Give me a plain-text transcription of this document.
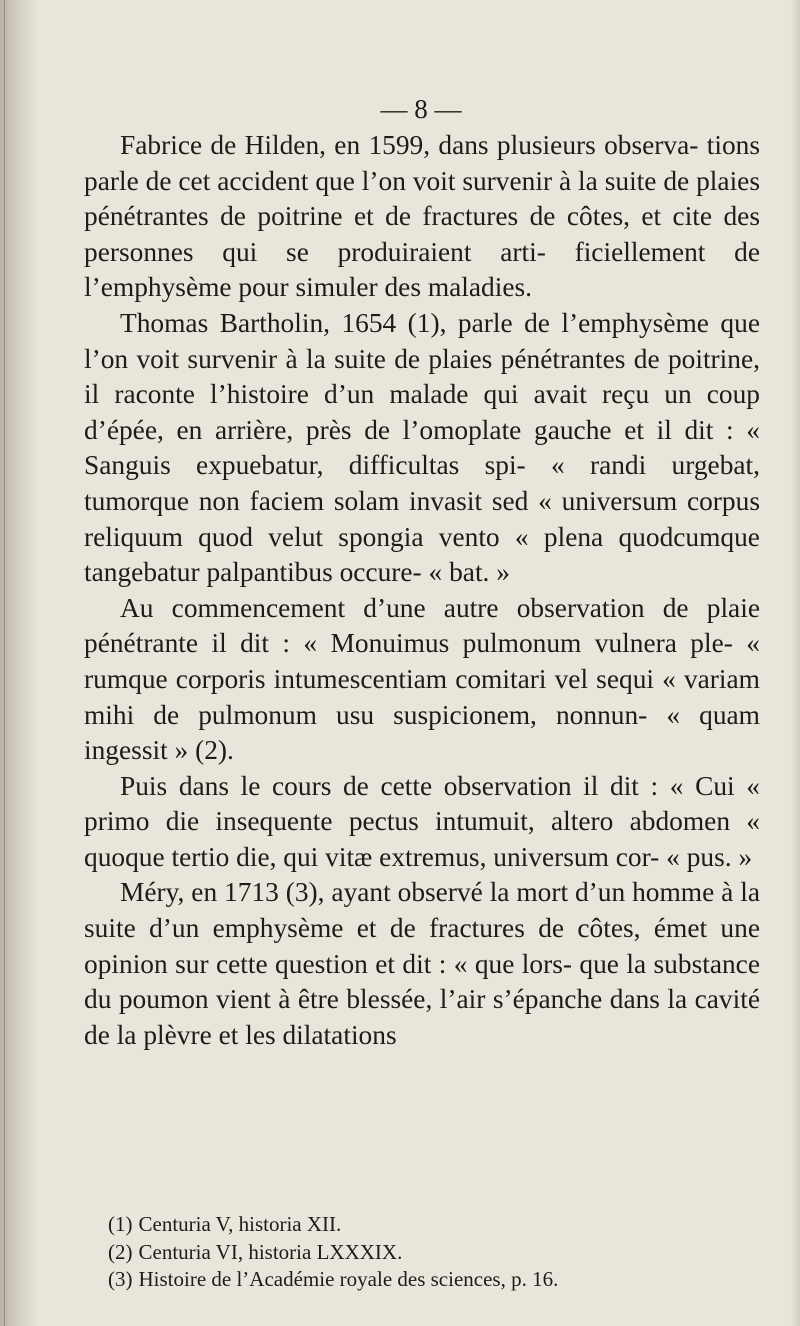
— 8 —

Fabrice de Hilden, en 1599, dans plusieurs observa- tions parle de cet accident que l’on voit survenir à la suite de plaies pénétrantes de poitrine et de fractures de côtes, et cite des personnes qui se produiraient arti- ficiellement de l’emphysème pour simuler des maladies.

Thomas Bartholin, 1654 (1), parle de l’emphysème que l’on voit survenir à la suite de plaies pénétrantes de poitrine, il raconte l’histoire d’un malade qui avait reçu un coup d’épée, en arrière, près de l’omoplate gauche et il dit : « Sanguis expuebatur, difficultas spi- « randi urgebat, tumorque non faciem solam invasit sed « universum corpus reliquum quod velut spongia vento « plena quodcumque tangebatur palpantibus occure- « bat. »

Au commencement d’une autre observation de plaie pénétrante il dit : « Monuimus pulmonum vulnera ple- « rumque corporis intumescentiam comitari vel sequi « variam mihi de pulmonum usu suspicionem, nonnun- « quam ingessit » (2).

Puis dans le cours de cette observation il dit : « Cui « primo die insequente pectus intumuit, altero abdomen « quoque tertio die, qui vitæ extremus, universum cor- « pus. »

Méry, en 1713 (3), ayant observé la mort d’un homme à la suite d’un emphysème et de fractures de côtes, émet une opinion sur cette question et dit : « que lors- que la substance du poumon vient à être blessée, l’air s’épanche dans la cavité de la plèvre et les dilatations

(1) Centuria V, historia XII.

(2) Centuria VI, historia LXXXIX.

(3) Histoire de l’Académie royale des sciences, p. 16.
